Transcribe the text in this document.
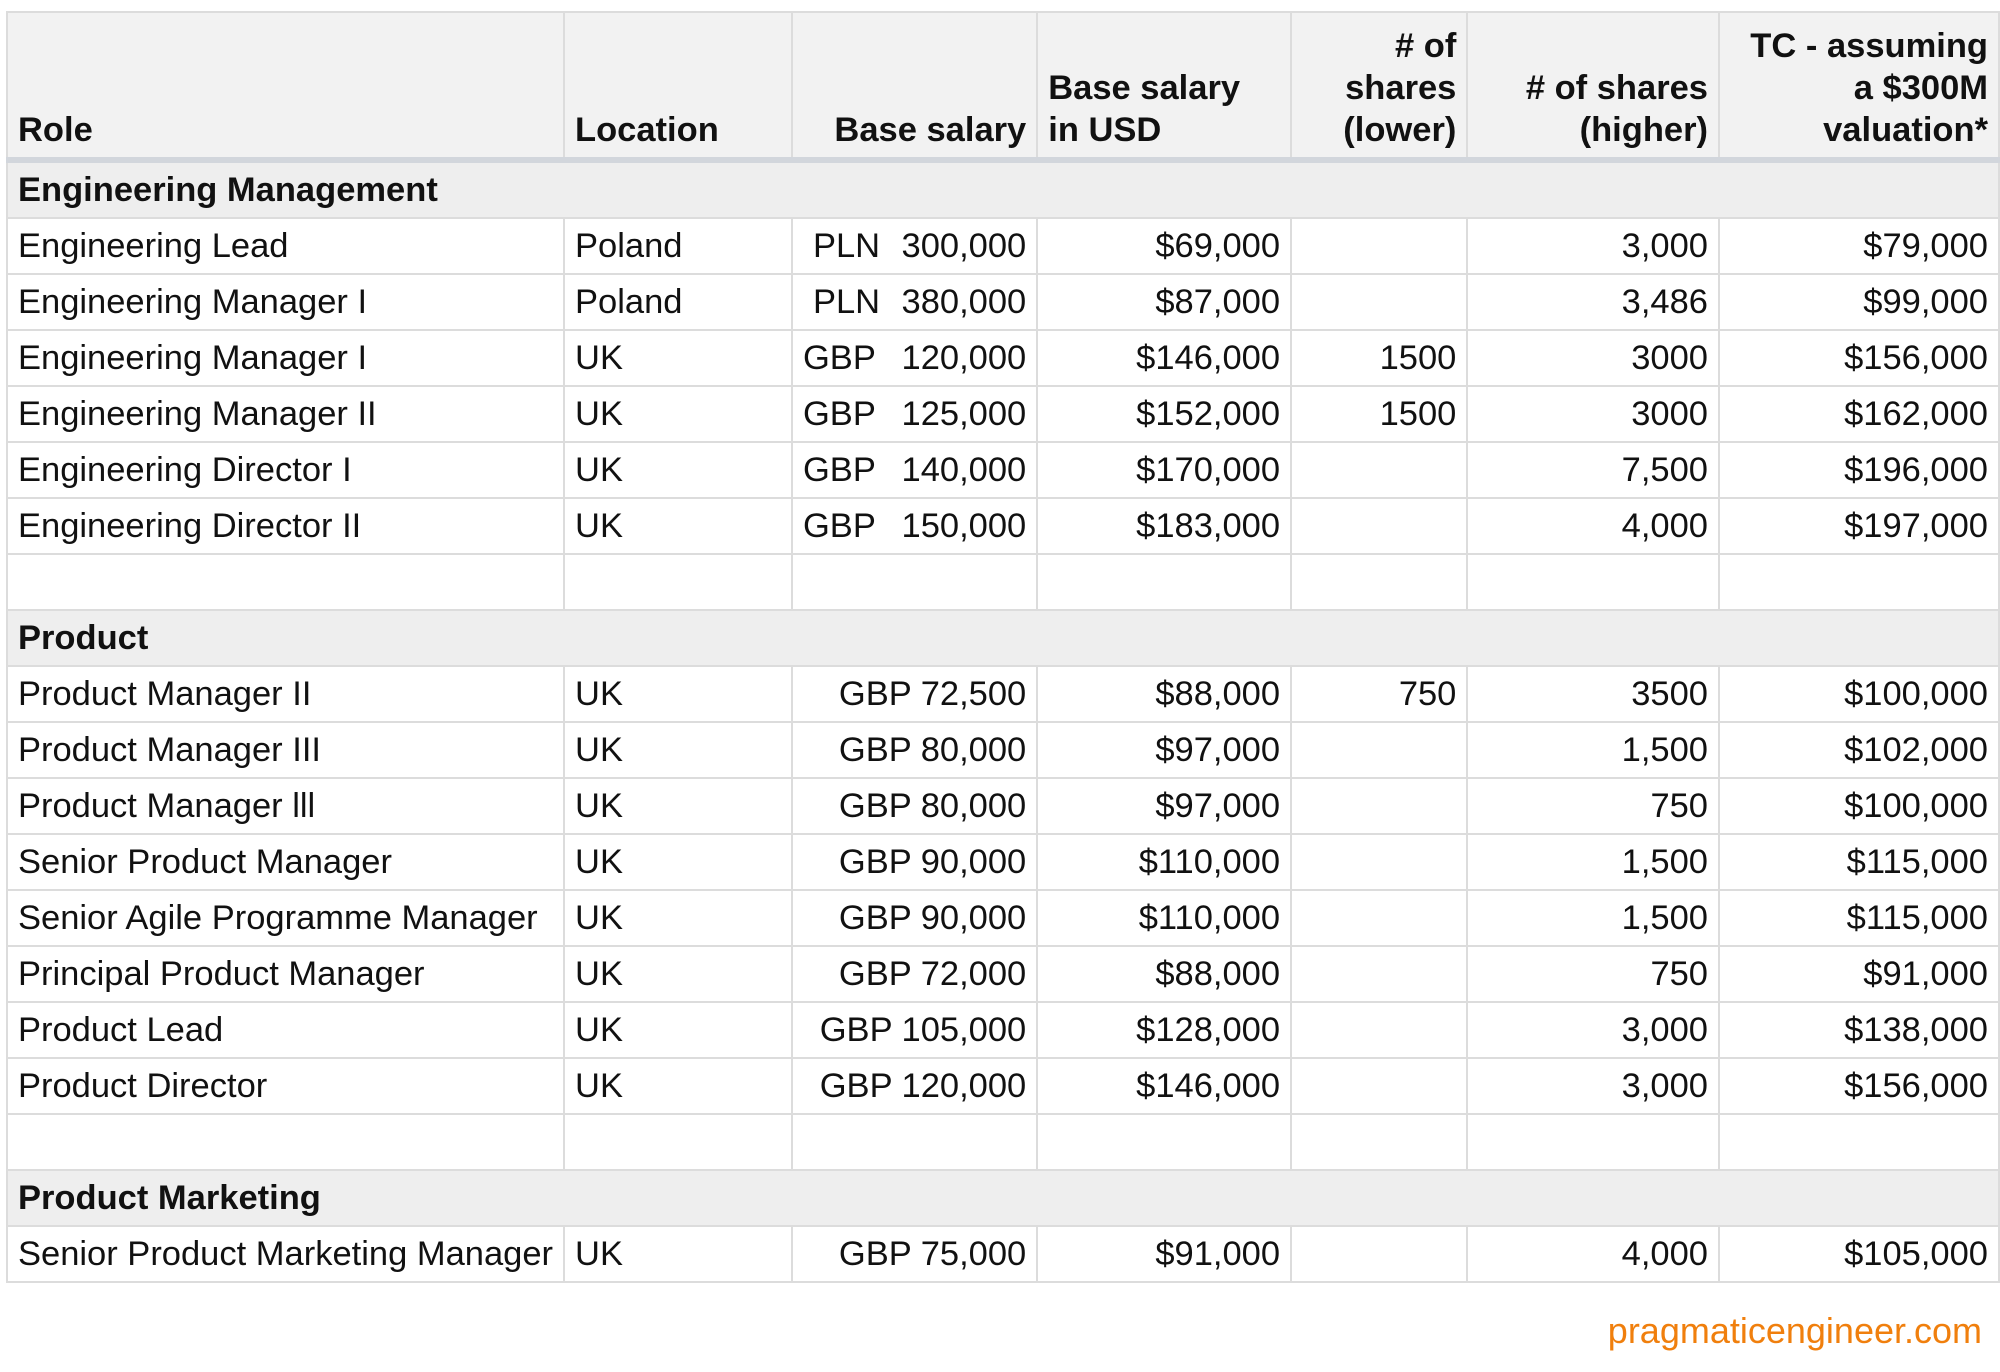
Role	Location	Base salary	Base salary in USD	# of shares (lower)	# of shares (higher)	TC - assuming a $300M valuation*
Engineering Management						
Engineering Lead	Poland	PLN 300,000	$69,000		3,000	$79,000
Engineering Manager I	Poland	PLN 380,000	$87,000		3,486	$99,000
Engineering Manager I	UK	GBP 120,000	$146,000	1500	3000	$156,000
Engineering Manager II	UK	GBP 125,000	$152,000	1500	3000	$162,000
Engineering Director I	UK	GBP 140,000	$170,000		7,500	$196,000
Engineering Director II	UK	GBP 150,000	$183,000		4,000	$197,000

Product						
Product Manager II	UK	GBP 72,500	$88,000	750	3500	$100,000
Product Manager III	UK	GBP 80,000	$97,000		1,500	$102,000
Product Manager lll	UK	GBP 80,000	$97,000		750	$100,000
Senior Product Manager	UK	GBP 90,000	$110,000		1,500	$115,000
Senior Agile Programme Manager	UK	GBP 90,000	$110,000		1,500	$115,000
Principal Product Manager	UK	GBP 72,000	$88,000		750	$91,000
Product Lead	UK	GBP 105,000	$128,000		3,000	$138,000
Product Director	UK	GBP 120,000	$146,000		3,000	$156,000

Product Marketing						
Senior Product Marketing Manager	UK	GBP 75,000	$91,000		4,000	$105,000
pragmaticengineer.com
